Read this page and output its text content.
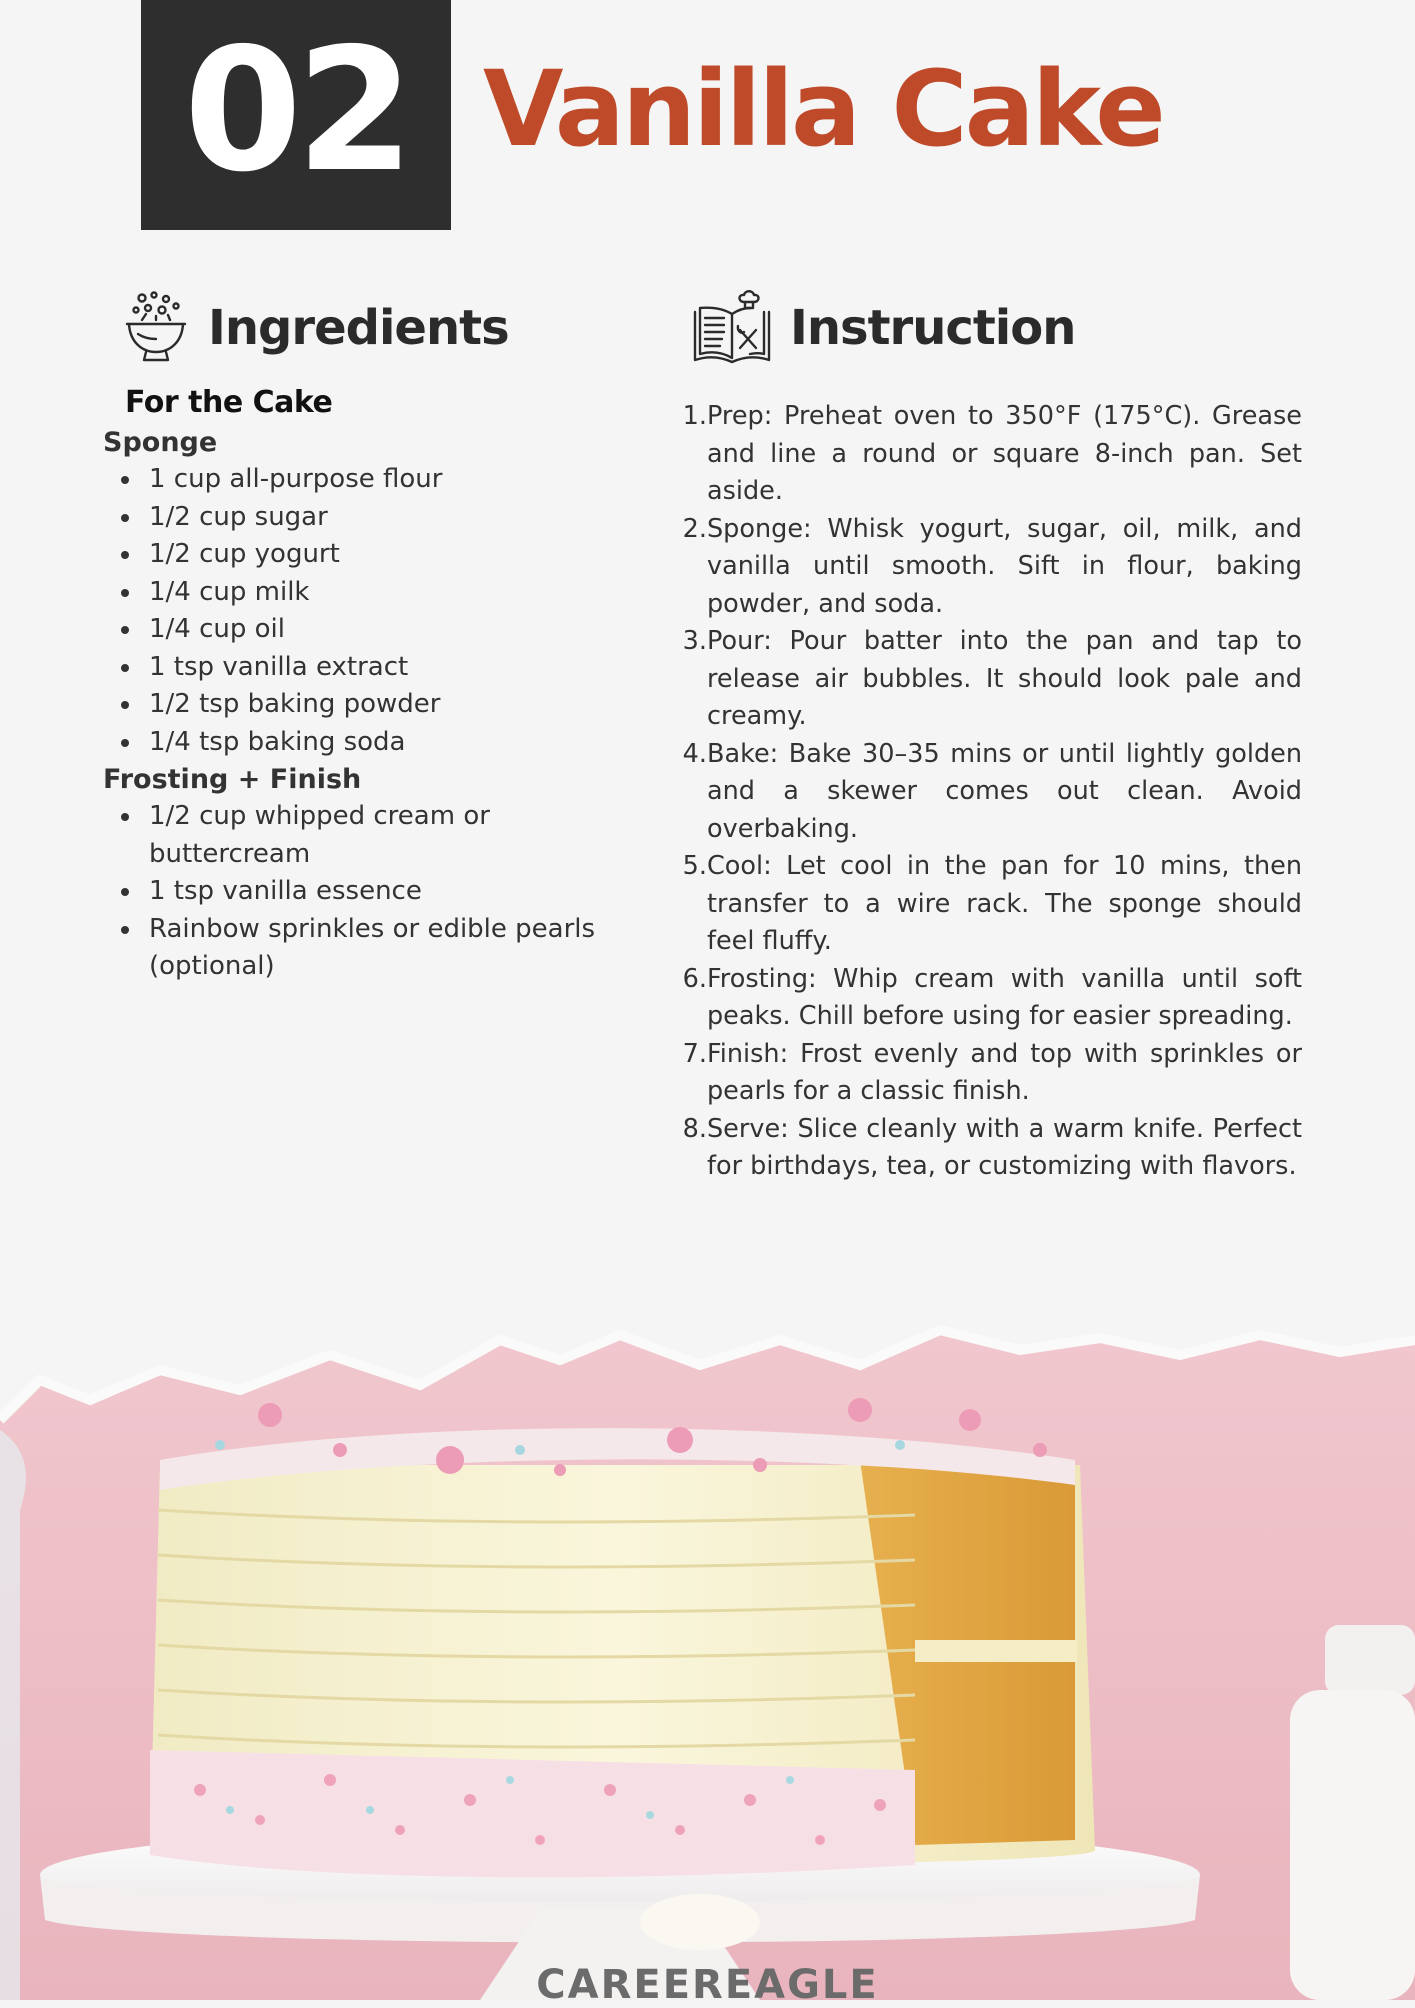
02 Vanilla Cake
Ingredients	Instruction
For the Cake
Sponge
1 cup all-purpose flour
1/2 cup sugar
1/2 cup yogurt
1/4 cup milk
1/4 cup oil
1 tsp vanilla extract
1/2 tsp baking powder
1/4 tsp baking soda
Frosting + Finish
1/2 cup whipped cream or buttercream
1 tsp vanilla essence
Rainbow sprinkles or edible pearls (optional)
1. Prep: Preheat oven to 350°F (175°C). Grease and line a round or square 8-inch pan. Set aside.
2. Sponge: Whisk yogurt, sugar, oil, milk, and vanilla until smooth. Sift in flour, baking powder, and soda.
3. Pour: Pour batter into the pan and tap to release air bubbles. It should look pale and creamy.
4. Bake: Bake 30–35 mins or until lightly golden and a skewer comes out clean. Avoid overbaking.
5. Cool: Let cool in the pan for 10 mins, then transfer to a wire rack. The sponge should feel fluffy.
6. Frosting: Whip cream with vanilla until soft peaks. Chill before using for easier spreading.
7. Finish: Frost evenly and top with sprinkles or pearls for a classic finish.
8. Serve: Slice cleanly with a warm knife. Perfect for birthdays, tea, or customizing with flavors.
CAREEREAGLE
